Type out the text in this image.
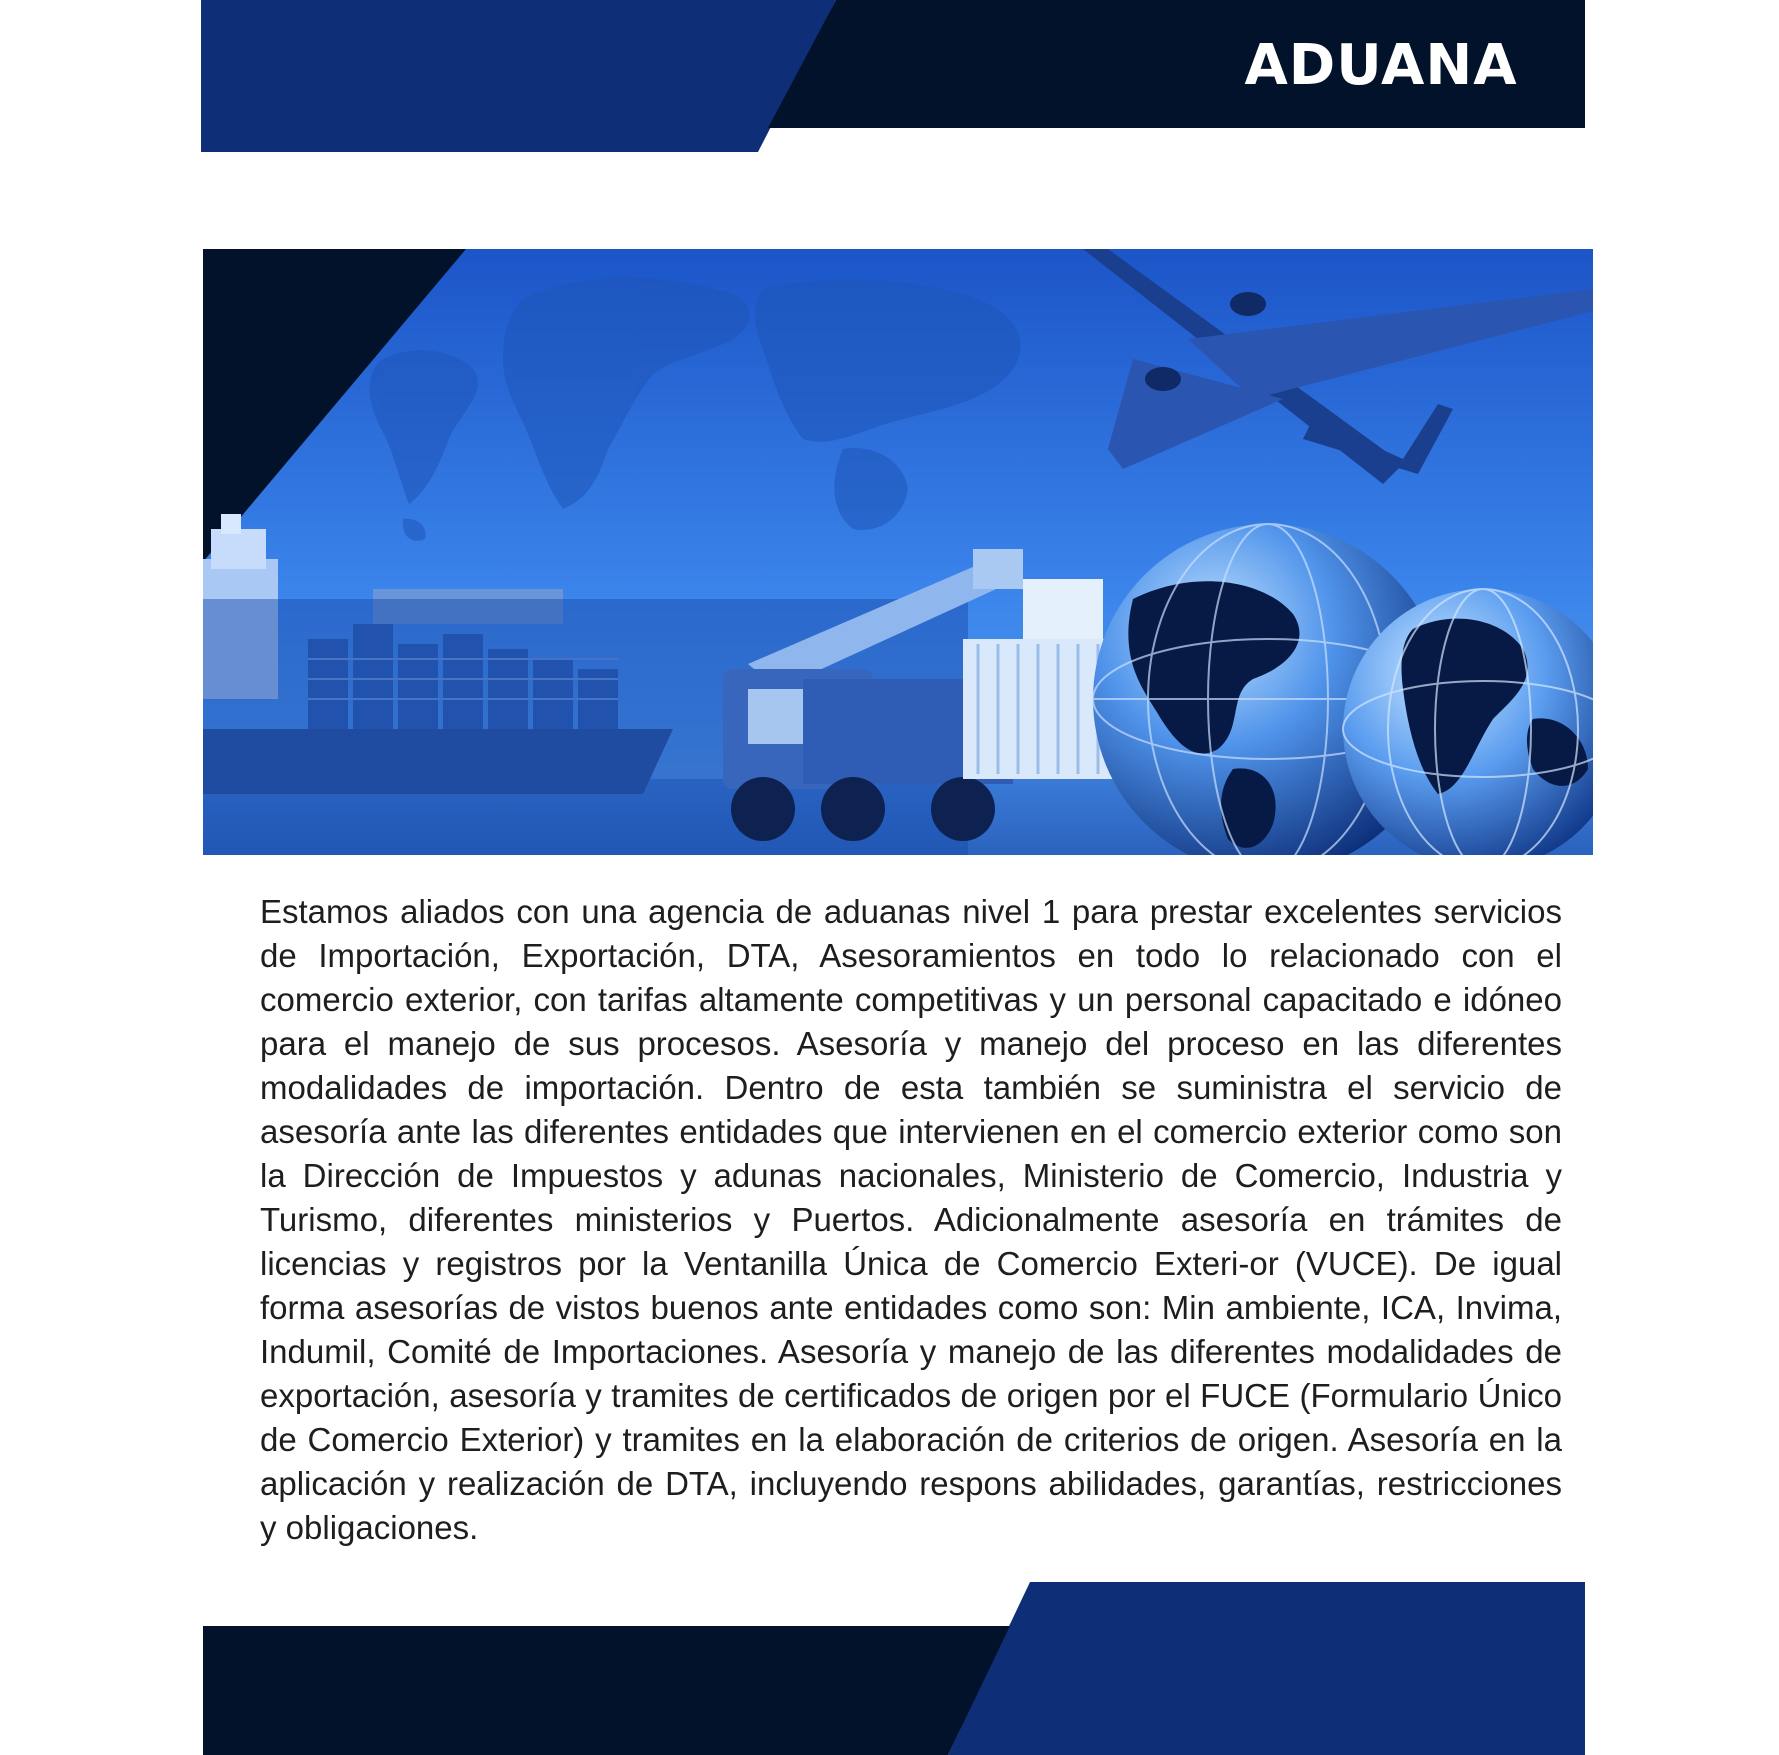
ADUANA

Estamos aliados con una agencia de aduanas nivel 1 para prestar excelentes servicios de Importación, Exportación, DTA, Asesoramientos en todo lo relacionado con el comercio exterior, con tarifas altamente competitivas y un personal capacitado e idóneo para el manejo de sus procesos. Asesoría y manejo del proceso en las diferentes modalidades de importación. Dentro de esta también se suministra el servicio de asesoría ante las diferentes entidades que intervienen en el comercio exterior como son la Dirección de Impuestos y adunas nacionales, Ministerio de Comercio, Industria y Turismo, diferentes ministerios y Puertos. Adicionalmente asesoría en trámites de licencias y registros por la Ventanilla Única de Comercio Exteri-or (VUCE). De igual forma asesorías de vistos buenos ante entidades como son: Min ambiente, ICA, Invima, Indumil, Comité de Importaciones. Asesoría y manejo de las diferentes modalidades de exportación, asesoría y tramites de certificados de origen por el FUCE (Formulario Único de Comercio Exterior) y tramites en la elaboración de criterios de origen. Asesoría en la aplicación y realización de DTA, incluyendo respons abilidades, garantías, restricciones y obligaciones.
